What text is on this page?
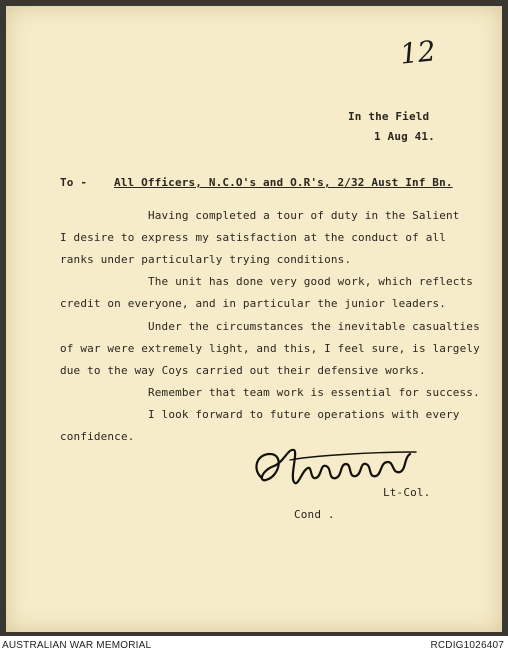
12
In the Field
1 Aug 41.
To - All Officers, N.C.O's and O.R's, 2/32 Aust Inf Bn.
Having completed a tour of duty in the Salient
I desire to express my satisfaction at the conduct of all
ranks under particularly trying conditions.
The unit has done very good work, which reflects
credit on everyone, and in particular the junior leaders.
Under the circumstances the inevitable casualties
of war were extremely light, and this, I feel sure, is largely
due to the way Coys carried out their defensive works.
Remember that team work is essential for success.
I look forward to future operations with every
confidence.
Lt-Col.
Cond .
AUSTRALIAN WAR MEMORIAL	RCDIG1026407
